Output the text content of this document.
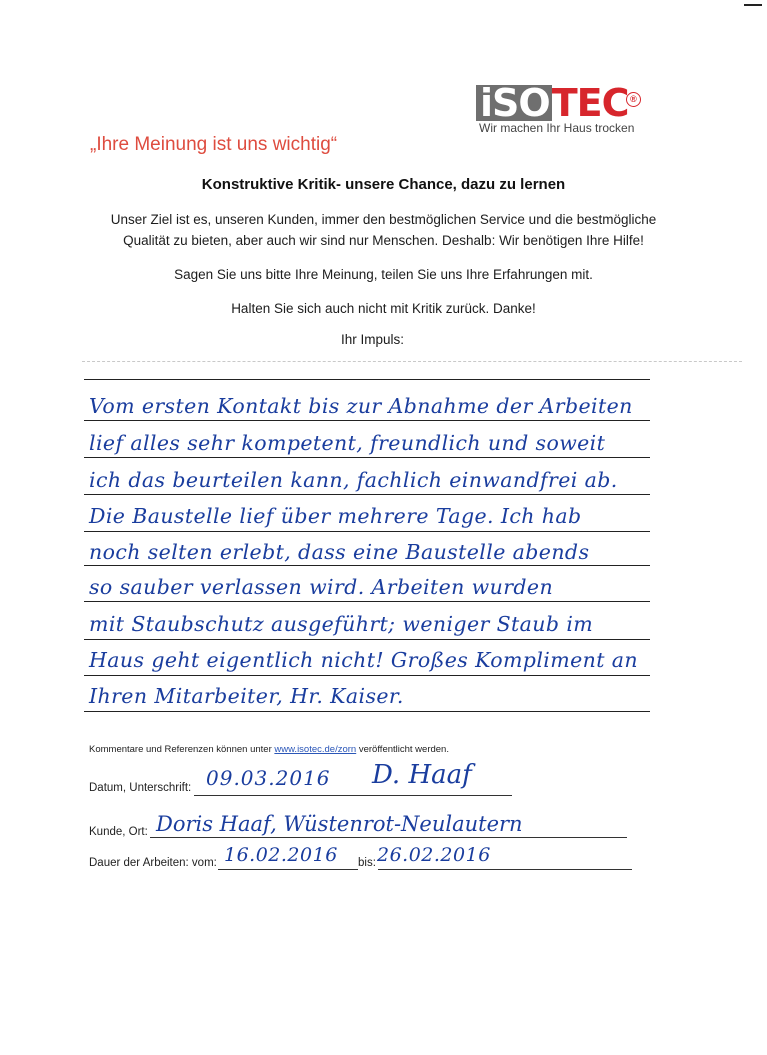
iSOTEC ®
Wir machen Ihr Haus trocken
„Ihre Meinung ist uns wichtig“
Konstruktive Kritik- unsere Chance, dazu zu lernen
Unser Ziel ist es, unseren Kunden, immer den bestmöglichen Service und die bestmögliche
Qualität zu bieten, aber auch wir sind nur Menschen. Deshalb: Wir benötigen Ihre Hilfe!
Sagen Sie uns bitte Ihre Meinung, teilen Sie uns Ihre Erfahrungen mit.
Halten Sie sich auch nicht mit Kritik zurück. Danke!
Ihr Impuls:
Vom ersten Kontakt bis zur Abnahme der Arbeiten
lief alles sehr kompetent, freundlich und soweit
ich das beurteilen kann, fachlich einwandfrei ab.
Die Baustelle lief über mehrere Tage. Ich hab
noch selten erlebt, dass eine Baustelle abends
so sauber verlassen wird. Arbeiten wurden
mit Staubschutz ausgeführt; weniger Staub im
Haus geht eigentlich nicht! Großes Kompliment an
Ihren Mitarbeiter, Hr. Kaiser.
Kommentare und Referenzen können unter www.isotec.de/zorn veröffentlicht werden.
Datum, Unterschrift: 09.03.2016 D. Haaf
Kunde, Ort: Doris Haaf, Wüstenrot-Neulautern
Dauer der Arbeiten: vom: 16.02.2016 bis: 26.02.2016
